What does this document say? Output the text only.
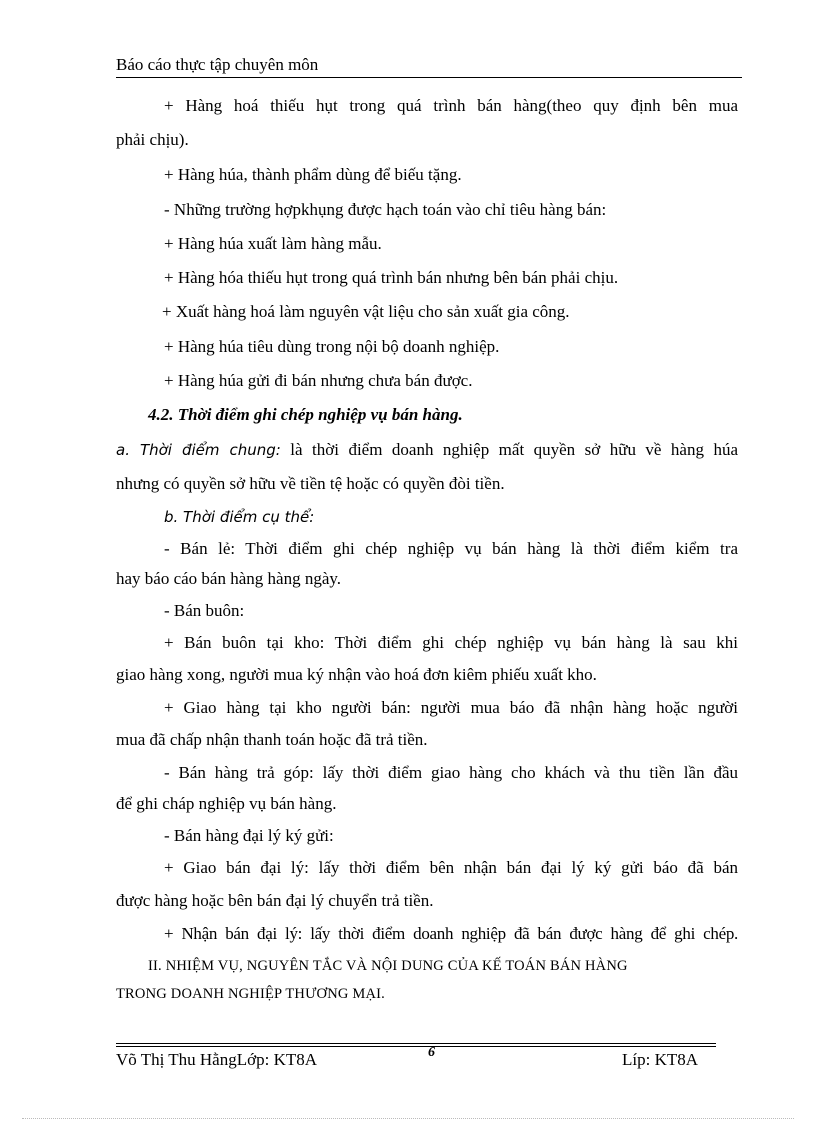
Báo cáo thực tập chuyên môn
+ Hàng hoá thiếu hụt trong quá trình bán hàng(theo quy định bên mua
phải chịu).
+ Hàng húa, thành phẩm dùng để biếu tặng.
- Những trường hợpkhụng được hạch toán vào chỉ tiêu hàng bán:
+ Hàng húa xuất làm hàng mẫu.
+ Hàng hóa thiếu hụt trong quá trình bán nhưng bên bán phải chịu.
+ Xuất hàng hoá làm nguyên vật liệu cho sản xuất gia công.
+ Hàng húa tiêu dùng trong nội bộ doanh nghiệp.
+ Hàng húa gửi đi bán nhưng chưa bán được.
4.2. Thời điểm ghi chép nghiệp vụ bán hàng.
a. Thời điểm chung: là thời điểm doanh nghiệp mất quyền sở hữu về hàng húa
nhưng có quyền sở hữu về tiền tệ hoặc có quyền đòi tiền.
b. Thời điểm cụ thể:
- Bán lẻ: Thời điểm ghi chép nghiệp vụ bán hàng là thời điểm kiểm tra
hay báo cáo bán hàng hàng ngày.
- Bán buôn:
+ Bán buôn tại kho: Thời điểm ghi chép nghiệp vụ bán hàng là sau khi
giao hàng xong, người mua ký nhận vào hoá đơn kiêm phiếu xuất kho.
+ Giao hàng tại kho người bán: người mua báo đã nhận hàng hoặc người
mua đã chấp nhận thanh toán hoặc đã trả tiền.
- Bán hàng trả góp: lấy thời điểm giao hàng cho khách và thu tiền lần đầu
để ghi cháp nghiệp vụ bán hàng.
- Bán hàng đại lý ký gửi:
+ Giao bán đại lý: lấy thời điểm bên nhận bán đại lý ký gửi báo đã bán
được hàng hoặc bên bán đại lý chuyển trả tiền.
+ Nhận bán đại lý: lấy thời điểm doanh nghiệp đã bán được hàng để ghi chép.
II. NHIỆM VỤ, NGUYÊN TẮC VÀ NỘI DUNG CỦA KẾ TOÁN BÁN HÀNG
TRONG DOANH NGHIỆP THƯƠNG MẠI.
Võ Thị Thu HằngLớp: KT8A	6	Líp: KT8A
